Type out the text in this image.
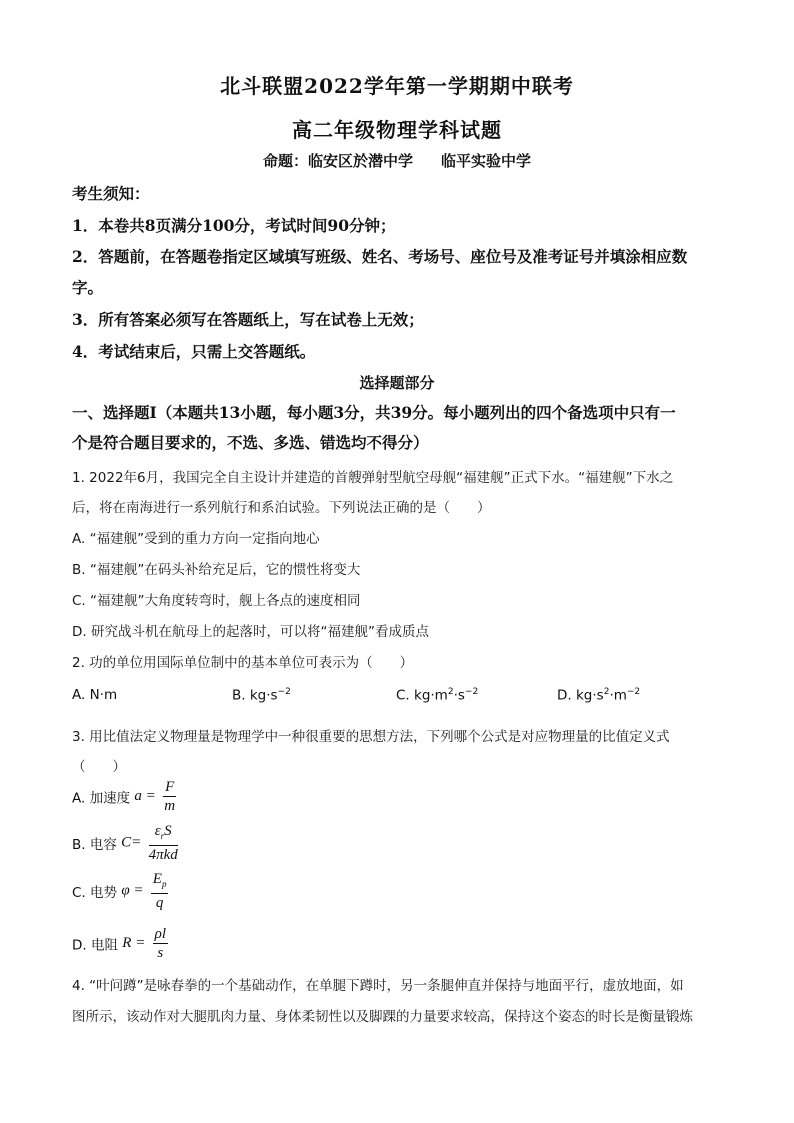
北斗联盟2022学年第一学期期中联考
高二年级物理学科试题
命题：临安区於潜中学 临平实验中学
考生须知：
1．本卷共8页满分100分，考试时间90分钟；
2．答题前，在答题卷指定区域填写班级、姓名、考场号、座位号及准考证号并填涂相应数
字。
3．所有答案必须写在答题纸上，写在试卷上无效；
4．考试结束后，只需上交答题纸。
选择题部分
一、选择题Ⅰ（本题共13小题，每小题3分，共39分。每小题列出的四个备选项中只有一
个是符合题目要求的，不选、多选、错选均不得分）
1. 2022年6月，我国完全自主设计并建造的首艘弹射型航空母舰“福建舰”正式下水。“福建舰”下水之
后，将在南海进行一系列航行和系泊试验。下列说法正确的是（　　）
A. “福建舰”受到的重力方向一定指向地心
B. “福建舰”在码头补给充足后，它的惯性将变大
C. “福建舰”大角度转弯时，舰上各点的速度相同
D. 研究战斗机在航母上的起落时，可以将“福建舰”看成质点
2. 功的单位用国际单位制中的基本单位可表示为（　　）
A. N·m	B. $kg\cdot s^{-2}$	C. $kg\cdot m^2\cdot s^{-2}$	D. $kg\cdot s^2\cdot m^{-2}$
3. 用比值法定义物理量是物理学中一种很重要的思想方法，下列哪个公式是对应物理量的比值定义式
（　　）
A. 加速度 $a = \frac{F}{m}$
B. 电容 $C= \frac{\varepsilon_rS}{\text{4πkd}}$
C. 电势 $\varphi = \frac{E_p}{q}$
D. 电阻 $R = \frac{\rho l}{s}$
4. “叶问蹲”是咏春拳的一个基础动作，在单腿下蹲时，另一条腿伸直并保持与地面平行，虚放地面，如
图所示，该动作对大腿肌肉力量、身体柔韧性以及脚踝的力量要求较高，保持这个姿态的时长是衡量锻炼
